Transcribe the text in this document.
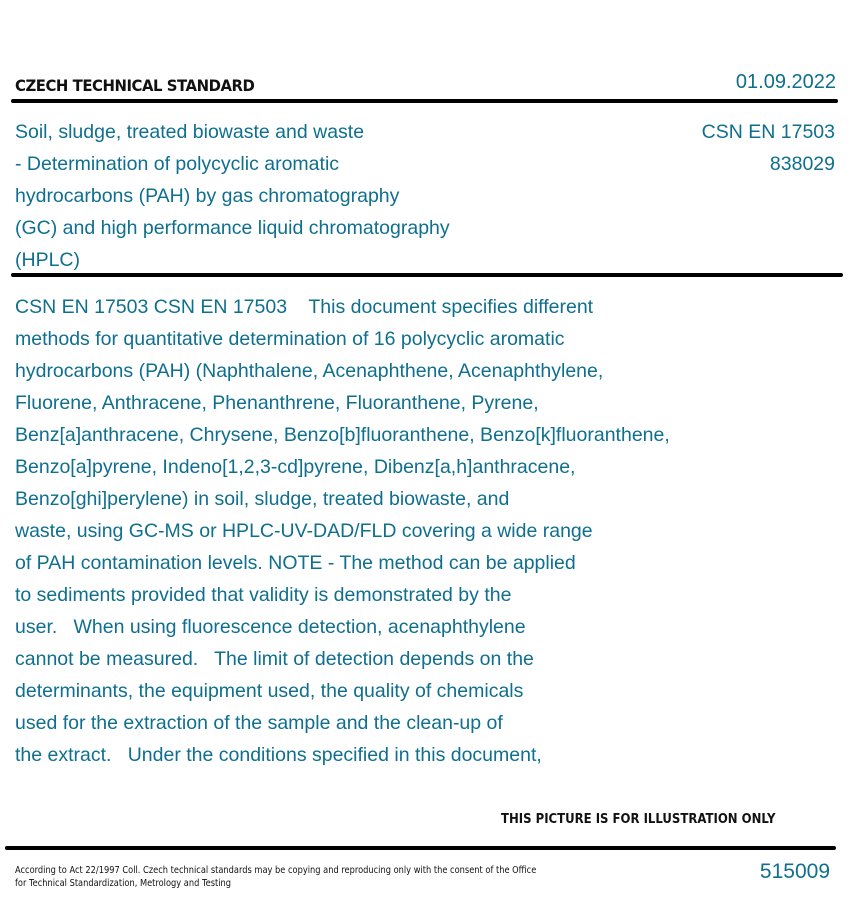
CZECH TECHNICAL STANDARD	01.09.2022
Soil, sludge, treated biowaste and waste
- Determination of polycyclic aromatic
hydrocarbons (PAH) by gas chromatography
(GC) and high performance liquid chromatography
(HPLC)
CSN EN 17503
838029
CSN EN 17503 CSN EN 17503    This document specifies different
methods for quantitative determination of 16 polycyclic aromatic
hydrocarbons (PAH) (Naphthalene, Acenaphthene, Acenaphthylene,
Fluorene, Anthracene, Phenanthrene, Fluoranthene, Pyrene,
Benz[a]anthracene, Chrysene, Benzo[b]fluoranthene, Benzo[k]fluoranthene,
Benzo[a]pyrene, Indeno[1,2,3-cd]pyrene, Dibenz[a,h]anthracene,
Benzo[ghi]perylene) in soil, sludge, treated biowaste, and
waste, using GC-MS or HPLC-UV-DAD/FLD covering a wide range
of PAH contamination levels. NOTE - The method can be applied
to sediments provided that validity is demonstrated by the
user.   When using fluorescence detection, acenaphthylene
cannot be measured.   The limit of detection depends on the
determinants, the equipment used, the quality of chemicals
used for the extraction of the sample and the clean-up of
the extract.   Under the conditions specified in this document,
THIS PICTURE IS FOR ILLUSTRATION ONLY
According to Act 22/1997 Coll. Czech technical standards may be copying and reproducing only with the consent of the Office
for Technical Standardization, Metrology and Testing
515009
